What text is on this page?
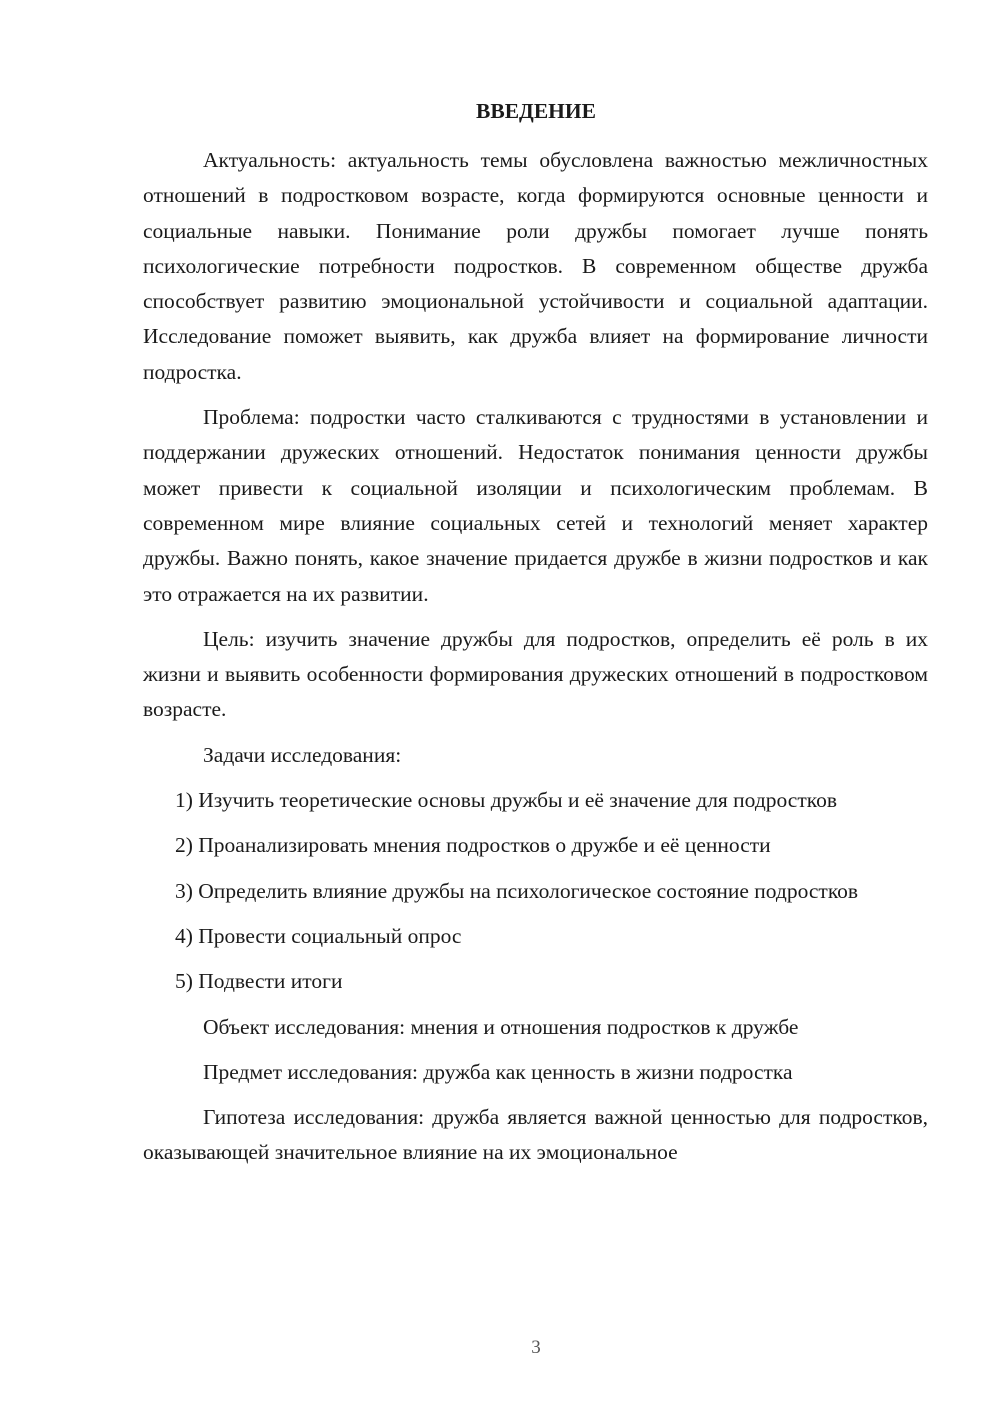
ВВЕДЕНИЕ

Актуальность: актуальность темы обусловлена важностью межличностных отношений в подростковом возрасте, когда формируются основные ценности и социальные навыки. Понимание роли дружбы помогает лучше понять психологические потребности подростков. В современном обществе дружба способствует развитию эмоциональной устойчивости и социальной адаптации. Исследование поможет выявить, как дружба влияет на формирование личности подростка.

Проблема: подростки часто сталкиваются с трудностями в установлении и поддержании дружеских отношений. Недостаток понимания ценности дружбы может привести к социальной изоляции и психологическим проблемам. В современном мире влияние социальных сетей и технологий меняет характер дружбы. Важно понять, какое значение придается дружбе в жизни подростков и как это отражается на их развитии.

Цель: изучить значение дружбы для подростков, определить её роль в их жизни и выявить особенности формирования дружеских отношений в подростковом возрасте.

Задачи исследования:

1) Изучить теоретические основы дружбы и её значение для подростков

2) Проанализировать мнения подростков о дружбе и её ценности

3) Определить влияние дружбы на психологическое состояние подростков

4) Провести социальный опрос

5) Подвести итоги

Объект исследования: мнения и отношения подростков к дружбе

Предмет исследования: дружба как ценность в жизни подростка

Гипотеза исследования: дружба является важной ценностью для подростков, оказывающей значительное влияние на их эмоциональное

3
